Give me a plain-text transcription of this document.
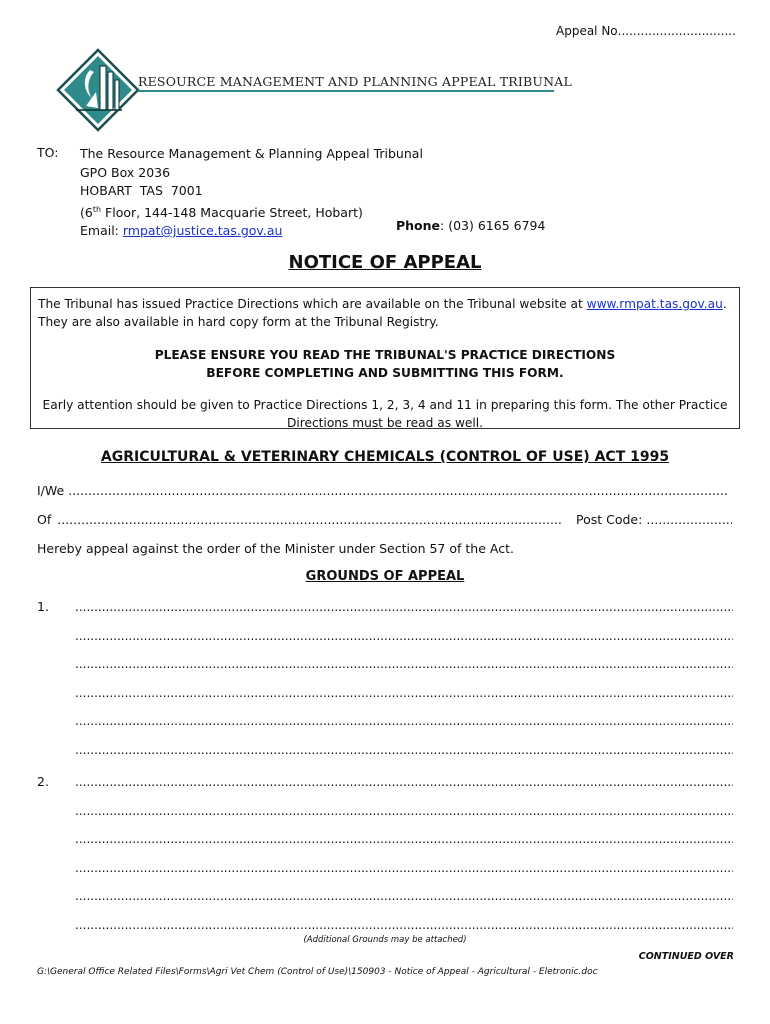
Appeal No.....
RESOURCE MANAGEMENT AND PLANNING APPEAL TRIBUNAL
TO: The Resource Management & Planning Appeal Tribunal
GPO Box 2036
HOBART  TAS  7001
(6th Floor, 144-148 Macquarie Street, Hobart)
Email: rmpat@justice.tas.gov.au	Phone: (03) 6165 6794
NOTICE OF APPEAL
The Tribunal has issued Practice Directions which are available on the Tribunal website at www.rmpat.tas.gov.au. They are also available in hard copy form at the Tribunal Registry.
PLEASE ENSURE YOU READ THE TRIBUNAL'S PRACTICE DIRECTIONS
BEFORE COMPLETING AND SUBMITTING THIS FORM.
Early attention should be given to Practice Directions 1, 2, 3, 4 and 11 in preparing this form. The other Practice
Directions must be read as well.
AGRICULTURAL & VETERINARY CHEMICALS (CONTROL OF USE) ACT 1995
I/We.....
Of.....	Post Code:.....
Hereby appeal against the order of the Minister under Section 57 of the Act.
GROUNDS OF APPEAL
1.
.....
.....
.....
.....
.....
.....
2.
.....
.....
.....
.....
.....
.....
(Additional Grounds may be attached)
CONTINUED OVER
G:\General Office Related Files\Forms\Agri Vet Chem (Control of Use)\150903 - Notice of Appeal - Agricultural - Eletronic.doc
